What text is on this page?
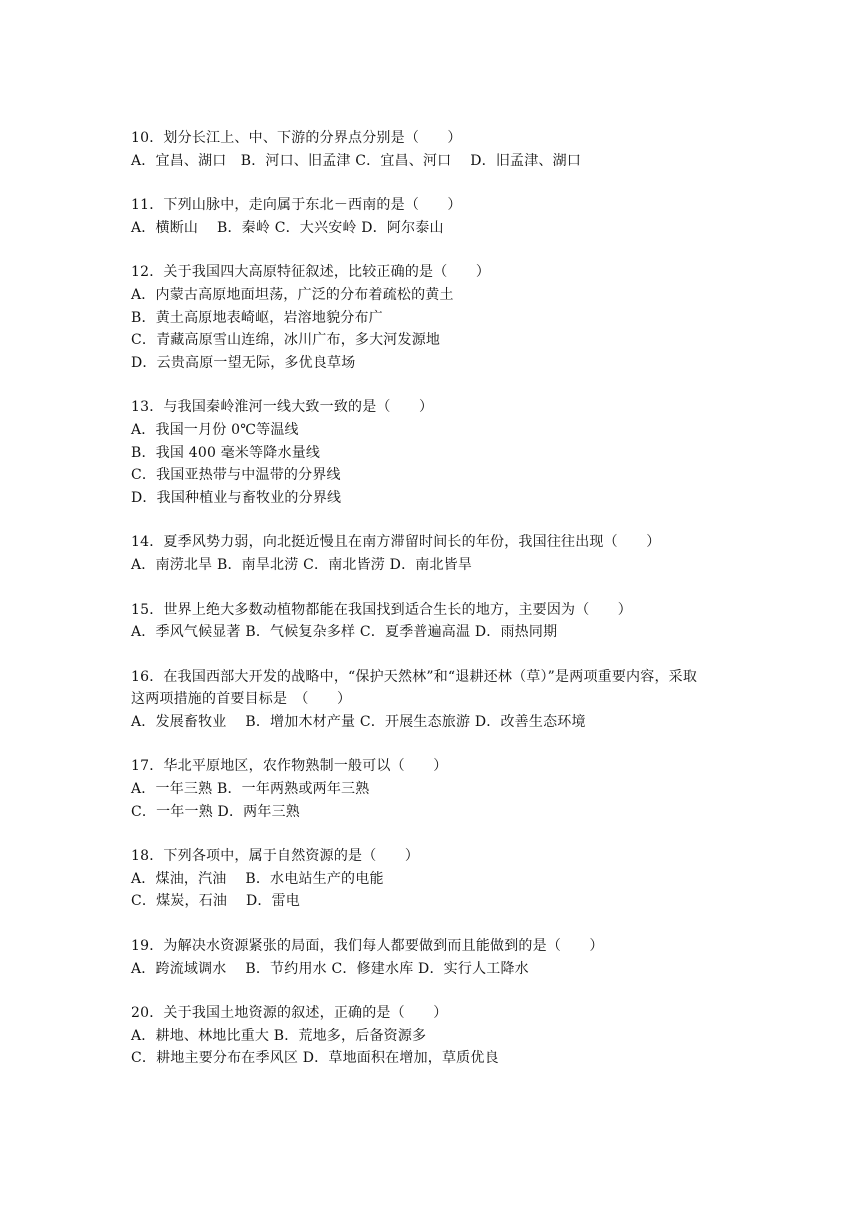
10．划分长江上、中、下游的分界点分别是（　　）
A．宜昌、湖口　B．河口、旧孟津 C．宜昌、河口　 D．旧孟津、湖口
11．下列山脉中，走向属于东北－西南的是（　　）
A．横断山　 B．秦岭 C．大兴安岭 D．阿尔泰山
12．关于我国四大高原特征叙述，比较正确的是（　　）
A．内蒙古高原地面坦荡，广泛的分布着疏松的黄土
B．黄土高原地表崎岖，岩溶地貌分布广
C．青藏高原雪山连绵，冰川广布，多大河发源地
D．云贵高原一望无际，多优良草场
13．与我国秦岭淮河一线大致一致的是（　　）
A．我国一月份 0℃等温线
B．我国 400 毫米等降水量线
C．我国亚热带与中温带的分界线
D．我国种植业与畜牧业的分界线
14．夏季风势力弱，向北挺近慢且在南方滞留时间长的年份，我国往往出现（　　）
A．南涝北旱 B．南旱北涝 C．南北皆涝 D．南北皆旱
15．世界上绝大多数动植物都能在我国找到适合生长的地方，主要因为（　　）
A．季风气候显著 B．气候复杂多样 C．夏季普遍高温 D．雨热同期
16．在我国西部大开发的战略中，“保护天然林”和“退耕还林（草）”是两项重要内容，采取
这两项措施的首要目标是　（　　）
A．发展畜牧业　 B．增加木材产量 C．开展生态旅游 D．改善生态环境
17．华北平原地区，农作物熟制一般可以（　　）
A．一年三熟 B．一年两熟或两年三熟
C．一年一熟 D．两年三熟
18．下列各项中，属于自然资源的是（　　）
A．煤油，汽油　 B．水电站生产的电能
C．煤炭，石油　 D．雷电
19．为解决水资源紧张的局面，我们每人都要做到而且能做到的是（　　）
A．跨流域调水　 B．节约用水 C．修建水库 D．实行人工降水
20．关于我国土地资源的叙述，正确的是（　　）
A．耕地、林地比重大 B．荒地多，后备资源多
C．耕地主要分布在季风区 D．草地面积在增加，草质优良
